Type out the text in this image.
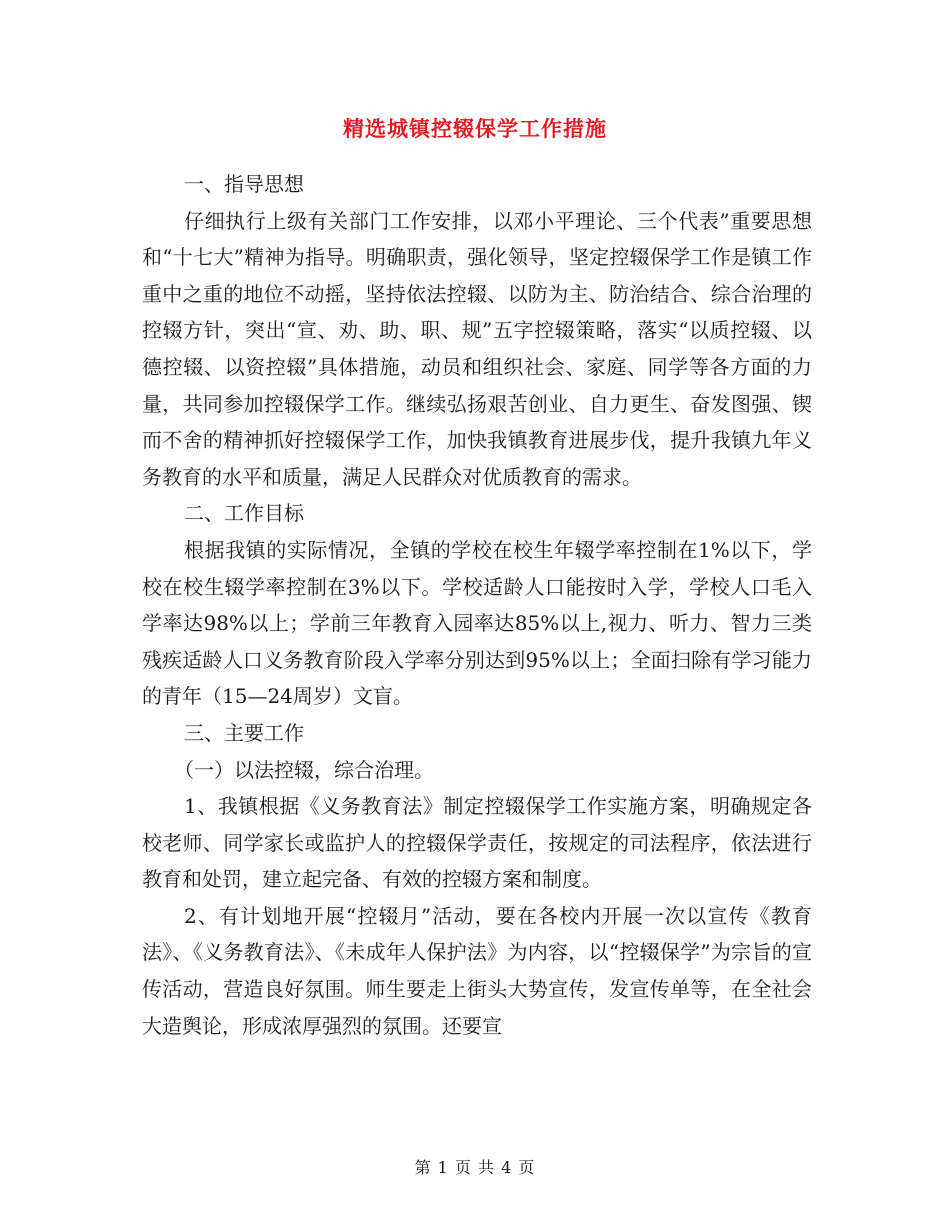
精选城镇控辍保学工作措施

一、指导思想

仔细执行上级有关部门工作安排，以邓小平理论、三个代表”重要思想和“十七大”精神为指导。明确职责，强化领导，坚定控辍保学工作是镇工作重中之重的地位不动摇，坚持依法控辍、以防为主、防治结合、综合治理的控辍方针，突出“宣、劝、助、职、规”五字控辍策略，落实“以质控辍、以德控辍、以资控辍”具体措施，动员和组织社会、家庭、同学等各方面的力量，共同参加控辍保学工作。继续弘扬艰苦创业、自力更生、奋发图强、锲而不舍的精神抓好控辍保学工作，加快我镇教育进展步伐，提升我镇九年义务教育的水平和质量，满足人民群众对优质教育的需求。

二、工作目标

根据我镇的实际情况，全镇的学校在校生年辍学率控制在1%以下，学校在校生辍学率控制在3%以下。学校适龄人口能按时入学，学校人口毛入学率达98%以上；学前三年教育入园率达85%以上,视力、听力、智力三类残疾适龄人口义务教育阶段入学率分别达到95%以上；全面扫除有学习能力的青年（15—24周岁）文盲。

三、主要工作

（一）以法控辍，综合治理。

1、我镇根据《义务教育法》制定控辍保学工作实施方案，明确规定各校老师、同学家长或监护人的控辍保学责任，按规定的司法程序，依法进行教育和处罚，建立起完备、有效的控辍方案和制度。

2、有计划地开展“控辍月”活动，要在各校内开展一次以宣传《教育法》、《义务教育法》、《未成年人保护法》为内容，以“控辍保学”为宗旨的宣传活动，营造良好氛围。师生要走上街头大势宣传，发宣传单等，在全社会大造舆论，形成浓厚强烈的氛围。还要宣

第 1 页 共 4 页
